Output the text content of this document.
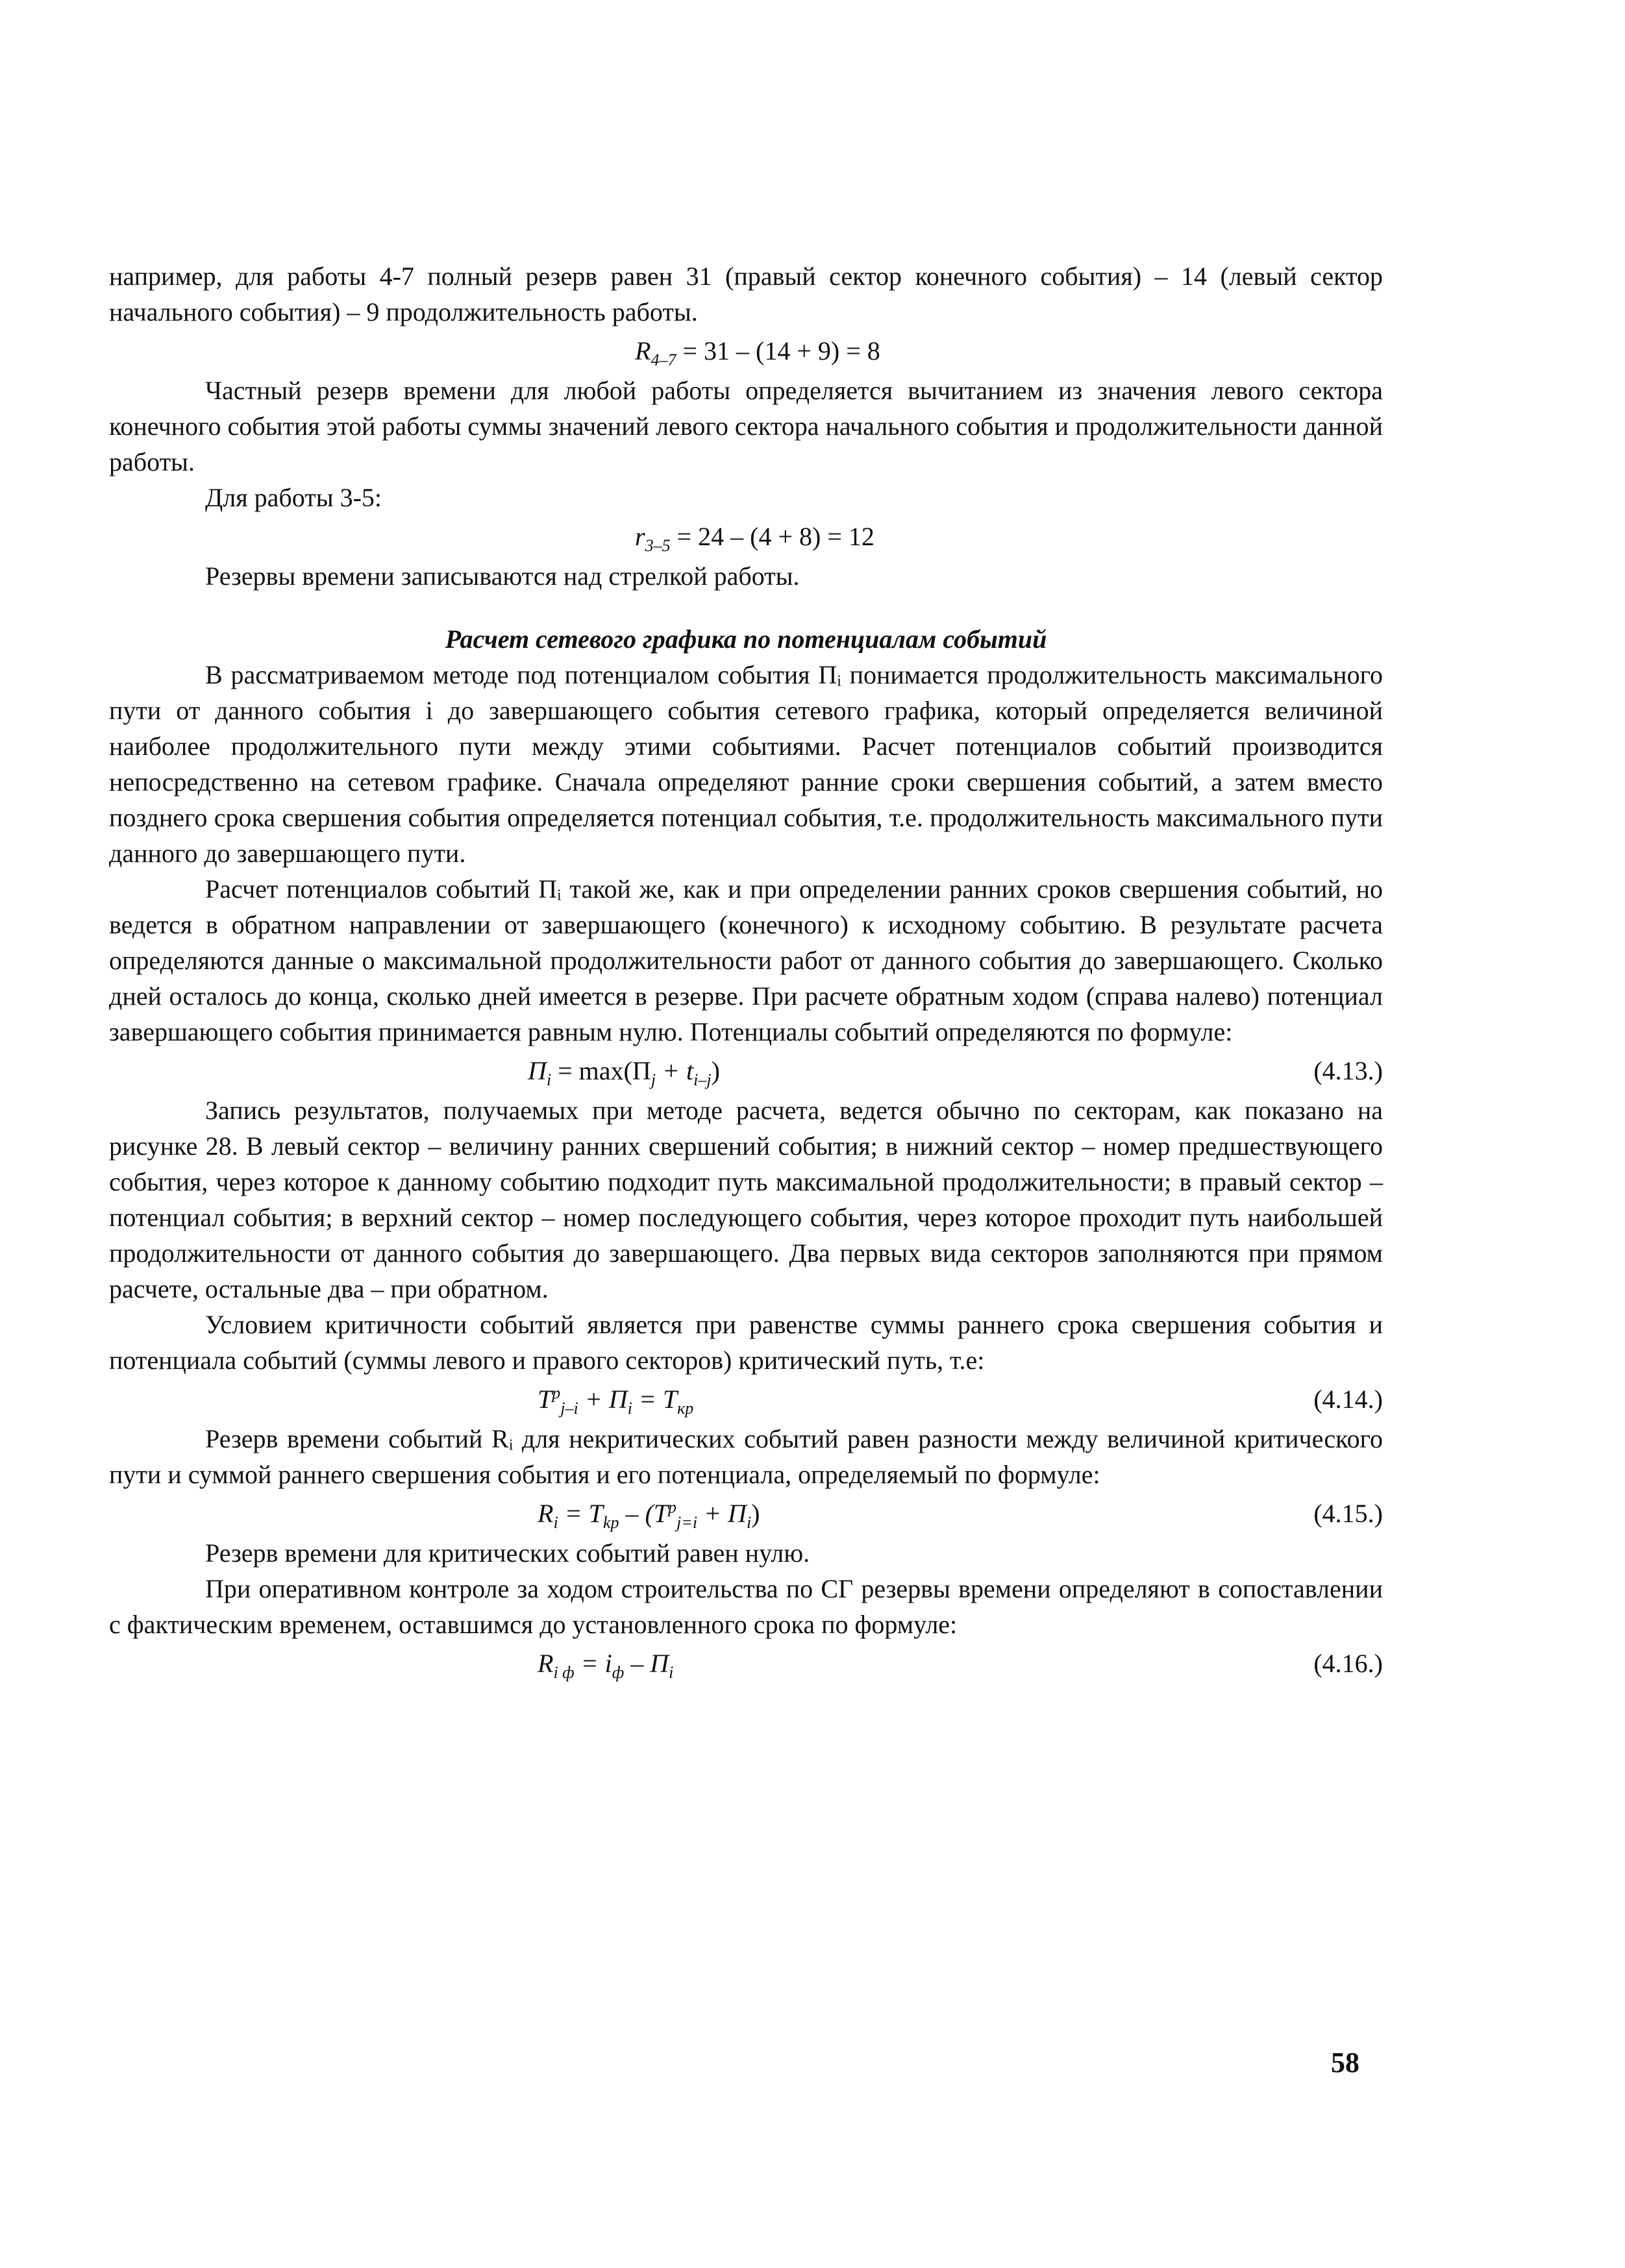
например, для работы 4-7 полный резерв равен 31 (правый сектор конечного события) – 14 (левый сектор начального события) – 9 продолжительность работы.

$R_{4-7} = 31 - (14 + 9) = 8$

Частный резерв времени для любой работы определяется вычитанием из значения левого сектора конечного события этой работы суммы значений левого сектора начального события и продолжительности данной работы.

Для работы 3-5:

$r_{3-5} = 24 - (4 + 8) = 12$

Резервы времени записываются над стрелкой работы.

Расчет сетевого графика по потенциалам событий

В рассматриваемом методе под потенциалом события Пᵢ понимается продолжительность максимального пути от данного события i до завершающего события сетевого графика, который определяется величиной наиболее продолжительного пути между этими событиями. Расчет потенциалов событий производится непосредственно на сетевом графике. Сначала определяют ранние сроки свершения событий, а затем вместо позднего срока свершения события определяется потенциал события, т.е. продолжительность максимального пути данного до завершающего пути.

Расчет потенциалов событий Пᵢ такой же, как и при определении ранних сроков свершения событий, но ведется в обратном направлении от завершающего (конечного) к исходному событию. В результате расчета определяются данные о максимальной продолжительности работ от данного события до завершающего. Сколько дней осталось до конца, сколько дней имеется в резерве. При расчете обратным ходом (справа налево) потенциал завершающего события принимается равным нулю. Потенциалы событий определяются по формуле:

$П_i = \max(П_j + t_{i-j})$	(4.13.)

Запись результатов, получаемых при методе расчета, ведется обычно по секторам, как показано на рисунке 28. В левый сектор – величину ранних свершений события; в нижний сектор – номер предшествующего события, через которое к данному событию подходит путь максимальной продолжительности; в правый сектор – потенциал события; в верхний сектор – номер последующего события, через которое проходит путь наибольшей продолжительности от данного события до завершающего. Два первых вида секторов заполняются при прямом расчете, остальные два – при обратном.

Условием критичности событий является при равенстве суммы раннего срока свершения события и потенциала событий (суммы левого и правого секторов) критический путь, т.е:

$T^p_{j-i} + П_i = T_{кр}$	(4.14.)

Резерв времени событий Rᵢ для некритических событий равен разности между величиной критического пути и суммой раннего свершения события и его потенциала, определяемый по формуле:

$R_i = T_{kp} - (T^p_{j=i} + П_i)$	(4.15.)

Резерв времени для критических событий равен нулю.

При оперативном контроле за ходом строительства по СГ резервы времени определяют в сопоставлении с фактическим временем, оставшимся до установленного срока по формуле:

$R_{i ф} = i_ф - П_i$	(4.16.)
58
